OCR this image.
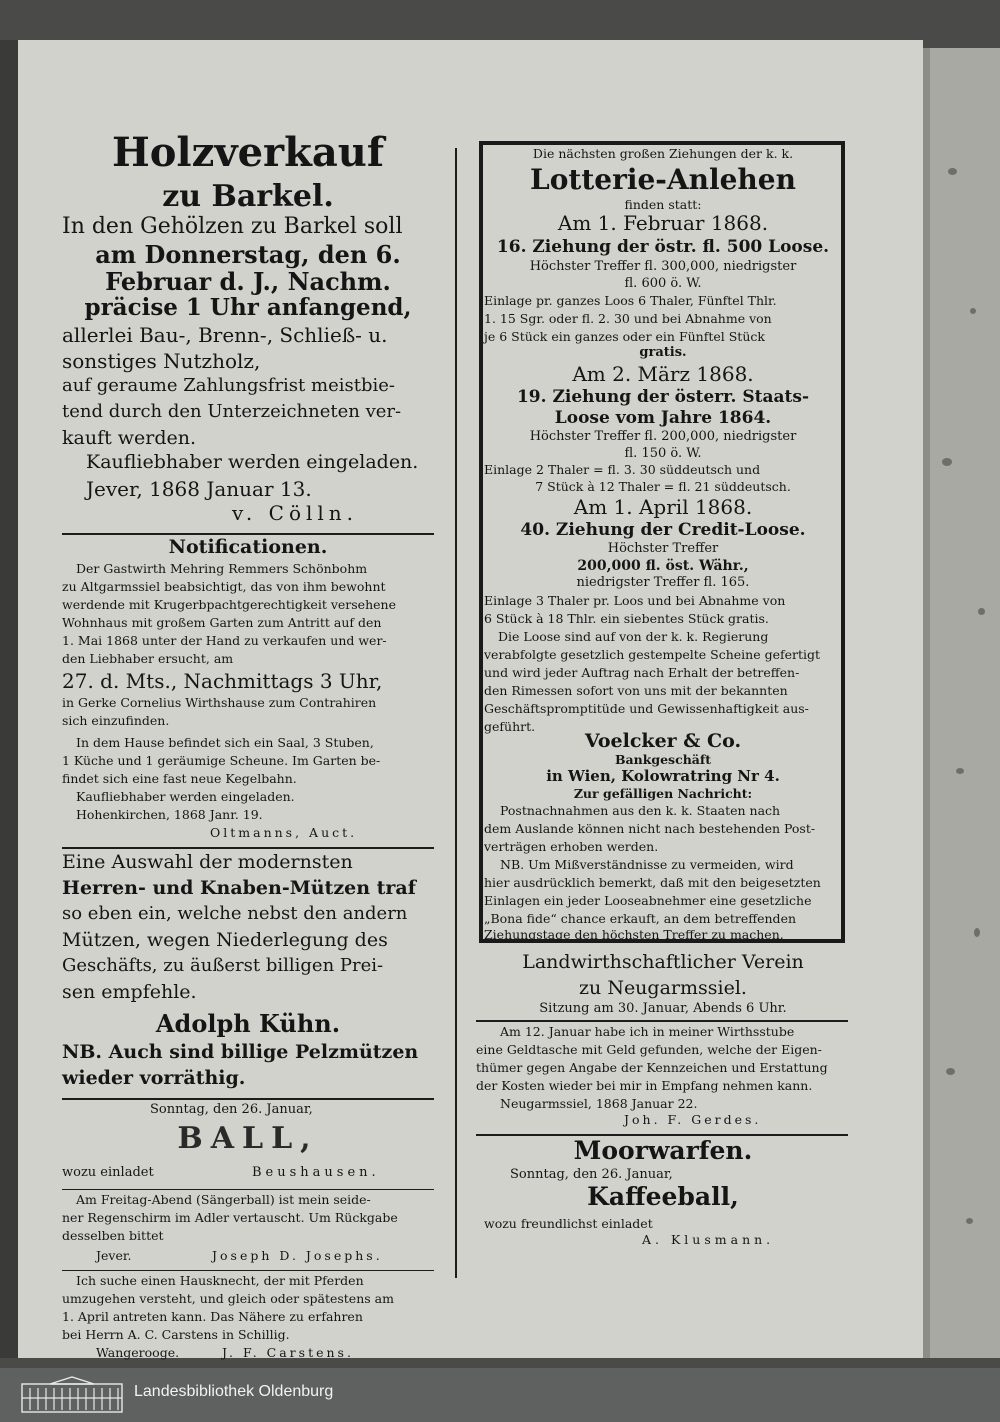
Holzverkauf

zu Barkel.

In den Gehölzen zu Barkel soll

am Donnerstag, den 6.

Februar d. J., Nachm.

präcise 1 Uhr anfangend,

allerlei Bau-, Brenn-, Schließ- u.

sonstiges Nutzholz,

auf geraume Zahlungsfrist meistbie-

tend durch den Unterzeichneten ver-

kauft werden.

Kaufliebhaber werden eingeladen.

Jever, 1868 Januar 13.

v. Cölln.

Notificationen.

Der Gastwirth Mehring Remmers Schönbohm

zu Altgarmssiel beabsichtigt, das von ihm bewohnt

werdende mit Krugerbpachtgerechtigkeit versehene

Wohnhaus mit großem Garten zum Antritt auf den

1. Mai 1868 unter der Hand zu verkaufen und wer-

den Liebhaber ersucht, am

27. d. Mts., Nachmittags 3 Uhr,

in Gerke Cornelius Wirthshause zum Contrahiren

sich einzufinden.

In dem Hause befindet sich ein Saal, 3 Stuben,

1 Küche und 1 geräumige Scheune. Im Garten be-

findet sich eine fast neue Kegelbahn.

Kaufliebhaber werden eingeladen.

Hohenkirchen, 1868 Janr. 19.

Oltmanns, Auct.

Eine Auswahl der modernsten

Herren- und Knaben-Mützen traf

so eben ein, welche nebst den andern

Mützen, wegen Niederlegung des

Geschäfts, zu äußerst billigen Prei-

sen empfehle.

Adolph Kühn.

NB. Auch sind billige Pelzmützen

wieder vorräthig.

Sonntag, den 26. Januar,

BALL,

wozu einladet	Beushausen.

Am Freitag-Abend (Sängerball) ist mein seide-

ner Regenschirm im Adler vertauscht. Um Rückgabe

desselben bittet

Jever.	Joseph D. Josephs.

Ich suche einen Hausknecht, der mit Pferden

umzugehen versteht, und gleich oder spätestens am

1. April antreten kann. Das Nähere zu erfahren

bei Herrn A. C. Carstens in Schillig.

Wangerooge.	J. F. Carstens.

Die nächsten großen Ziehungen der k. k.

Lotterie-Anlehen

finden statt:

Am 1. Februar 1868.

16. Ziehung der östr. fl. 500 Loose.

Höchster Treffer fl. 300,000, niedrigster

fl. 600 ö. W.

Einlage pr. ganzes Loos 6 Thaler, Fünftel Thlr.

1. 15 Sgr. oder fl. 2. 30 und bei Abnahme von

je 6 Stück ein ganzes oder ein Fünftel Stück

gratis.

Am 2. März 1868.

19. Ziehung der österr. Staats-

Loose vom Jahre 1864.

Höchster Treffer fl. 200,000, niedrigster

fl. 150 ö. W.

Einlage 2 Thaler = fl. 3. 30 süddeutsch und

7 Stück à 12 Thaler = fl. 21 süddeutsch.

Am 1. April 1868.

40. Ziehung der Credit-Loose.

Höchster Treffer

200,000 fl. öst. Währ.,

niedrigster Treffer fl. 165.

Einlage 3 Thaler pr. Loos und bei Abnahme von

6 Stück à 18 Thlr. ein siebentes Stück gratis.

Die Loose sind auf von der k. k. Regierung

verabfolgte gesetzlich gestempelte Scheine gefertigt

und wird jeder Auftrag nach Erhalt der betreffen-

den Rimessen sofort von uns mit der bekannten

Geschäftspromptitüde und Gewissenhaftigkeit aus-

geführt.

Voelcker & Co.

Bankgeschäft

in Wien, Kolowratring Nr 4.

Zur gefälligen Nachricht:

Postnachnahmen aus den k. k. Staaten nach

dem Auslande können nicht nach bestehenden Post-

verträgen erhoben werden.

NB. Um Mißverständnisse zu vermeiden, wird

hier ausdrücklich bemerkt, daß mit den beigesetzten

Einlagen ein jeder Looseabnehmer eine gesetzliche

„Bona fide“ chance erkauft, an dem betreffenden

Ziehungstage den höchsten Treffer zu machen.

Landwirthschaftlicher Verein

zu Neugarmssiel.

Sitzung am 30. Januar, Abends 6 Uhr.

Am 12. Januar habe ich in meiner Wirthsstube

eine Geldtasche mit Geld gefunden, welche der Eigen-

thümer gegen Angabe der Kennzeichen und Erstattung

der Kosten wieder bei mir in Empfang nehmen kann.

Neugarmssiel, 1868 Januar 22.

Joh. F. Gerdes.

Moorwarfen.

Sonntag, den 26. Januar,

Kaffeeball,

wozu freundlichst einladet

A. Klusmann.

Landesbibliothek Oldenburg
